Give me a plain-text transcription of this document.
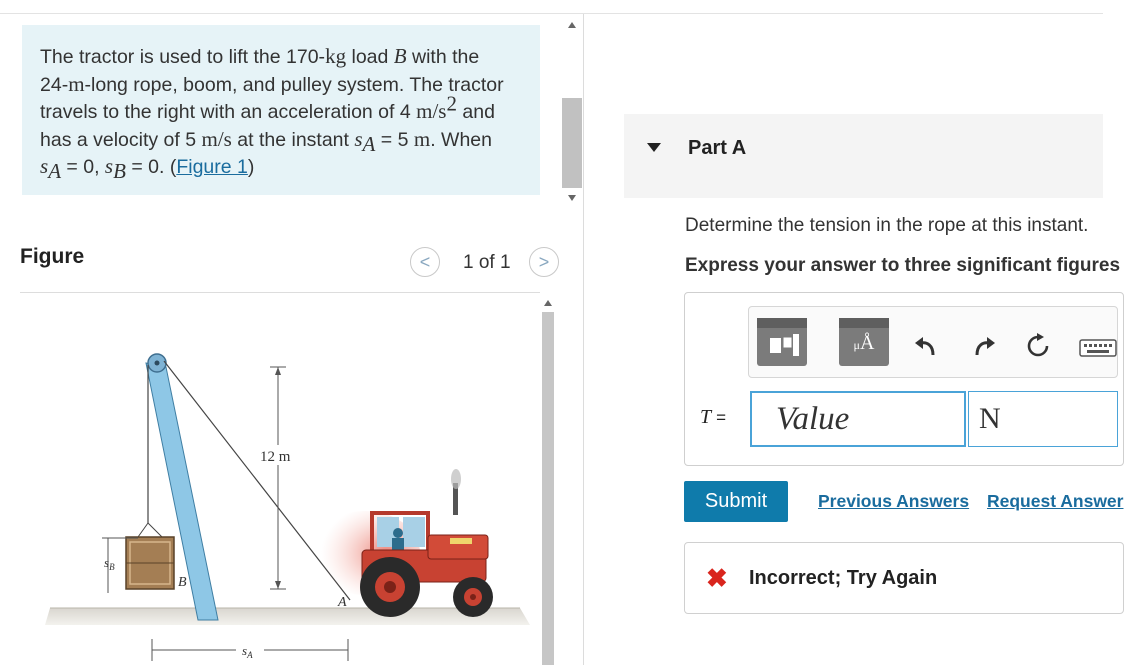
The tractor is used to lift the 170-kg load B with the
24-m-long rope, boom, and pulley system. The tractor
travels to the right with an acceleration of 4 $m/s^2$ and
has a velocity of 5 m/s at the instant $s_A = 5$ m. When
$s_A = 0$, $s_B = 0$. (Figure 1)
Figure	< 1 of 1 >
12 m
$s_B$
B
$s_A$
A
Part A
Determine the tension in the rope at this instant.
Express your answer to three significant figures
μÅ
T =
Value
N
Submit	Previous Answers Request Answer
✖ Incorrect; Try Again
